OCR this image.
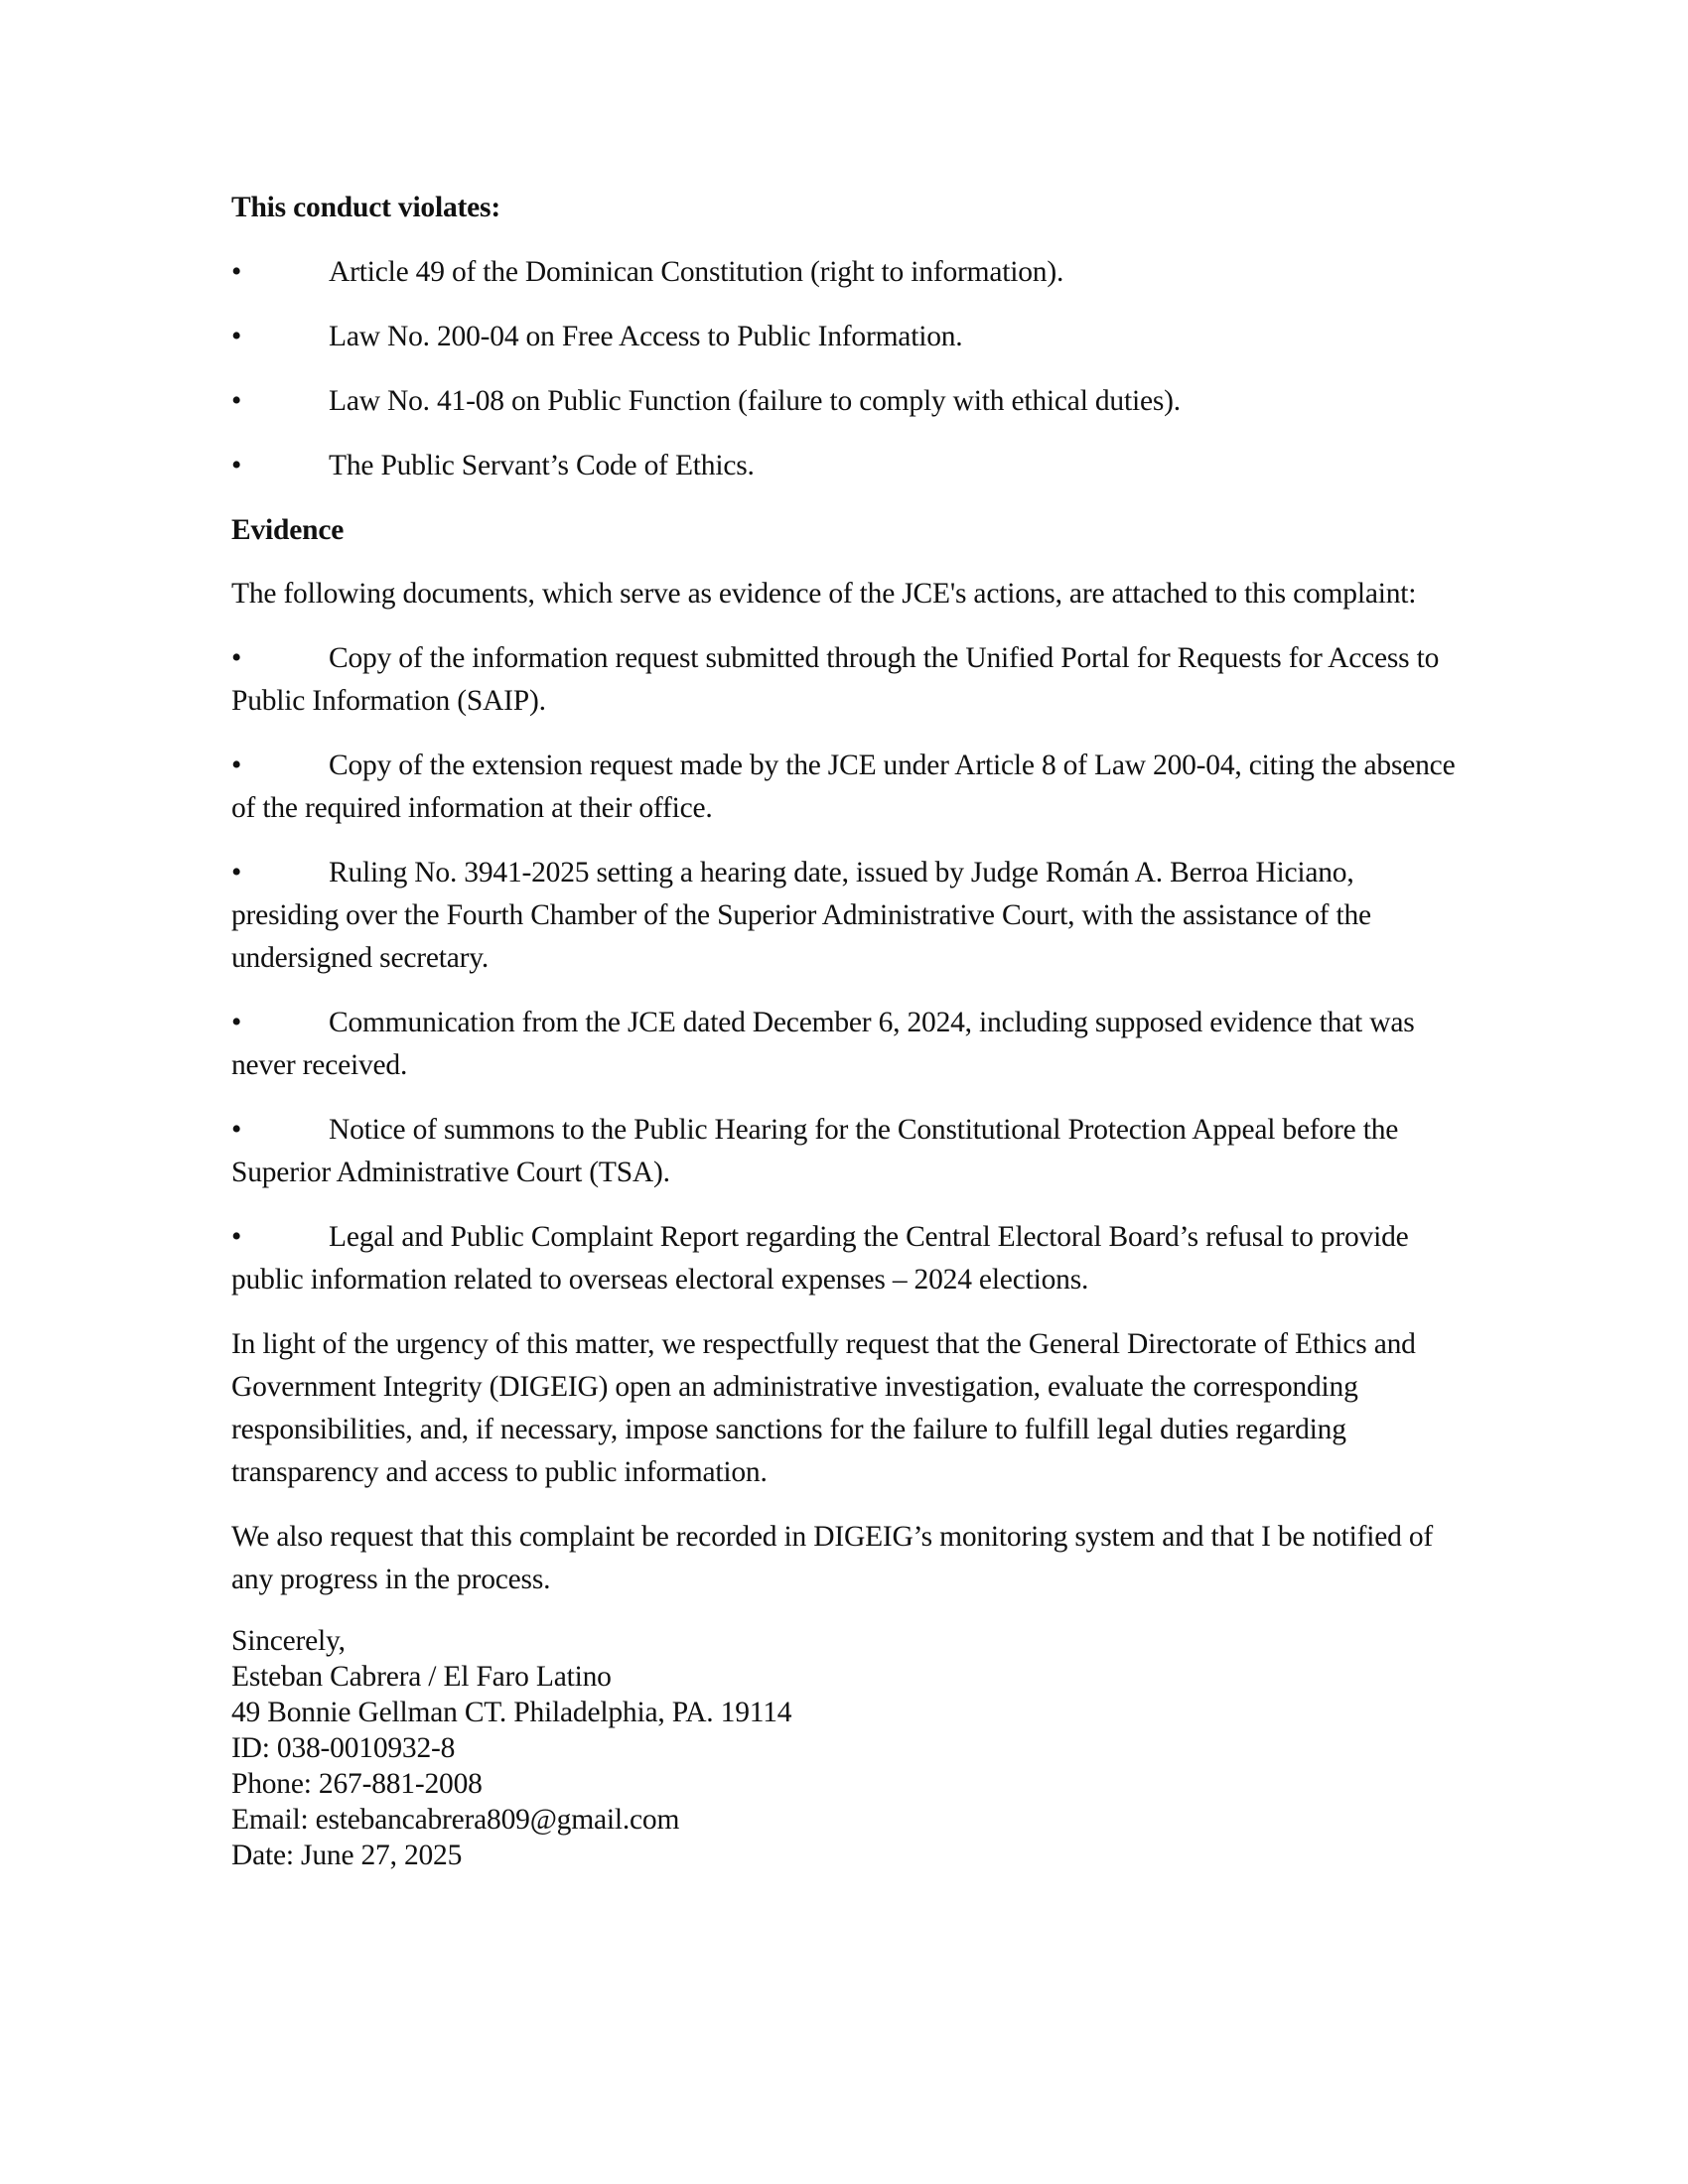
This conduct violates:

•	Article 49 of the Dominican Constitution (right to information).
•	Law No. 200-04 on Free Access to Public Information.
•	Law No. 41-08 on Public Function (failure to comply with ethical duties).
•	The Public Servant’s Code of Ethics.

Evidence

The following documents, which serve as evidence of the JCE's actions, are attached to this complaint:

•	Copy of the information request submitted through the Unified Portal for Requests for Access to Public Information (SAIP).
•	Copy of the extension request made by the JCE under Article 8 of Law 200-04, citing the absence of the required information at their office.
•	Ruling No. 3941-2025 setting a hearing date, issued by Judge Román A. Berroa Hiciano, presiding over the Fourth Chamber of the Superior Administrative Court, with the assistance of the undersigned secretary.
•	Communication from the JCE dated December 6, 2024, including supposed evidence that was never received.
•	Notice of summons to the Public Hearing for the Constitutional Protection Appeal before the Superior Administrative Court (TSA).
•	Legal and Public Complaint Report regarding the Central Electoral Board’s refusal to provide public information related to overseas electoral expenses – 2024 elections.

In light of the urgency of this matter, we respectfully request that the General Directorate of Ethics and Government Integrity (DIGEIG) open an administrative investigation, evaluate the corresponding responsibilities, and, if necessary, impose sanctions for the failure to fulfill legal duties regarding transparency and access to public information.

We also request that this complaint be recorded in DIGEIG’s monitoring system and that I be notified of any progress in the process.

Sincerely,
Esteban Cabrera / El Faro Latino
49 Bonnie Gellman CT. Philadelphia, PA. 19114
ID: 038-0010932-8
Phone: 267-881-2008
Email: estebancabrera809@gmail.com
Date: June 27, 2025
